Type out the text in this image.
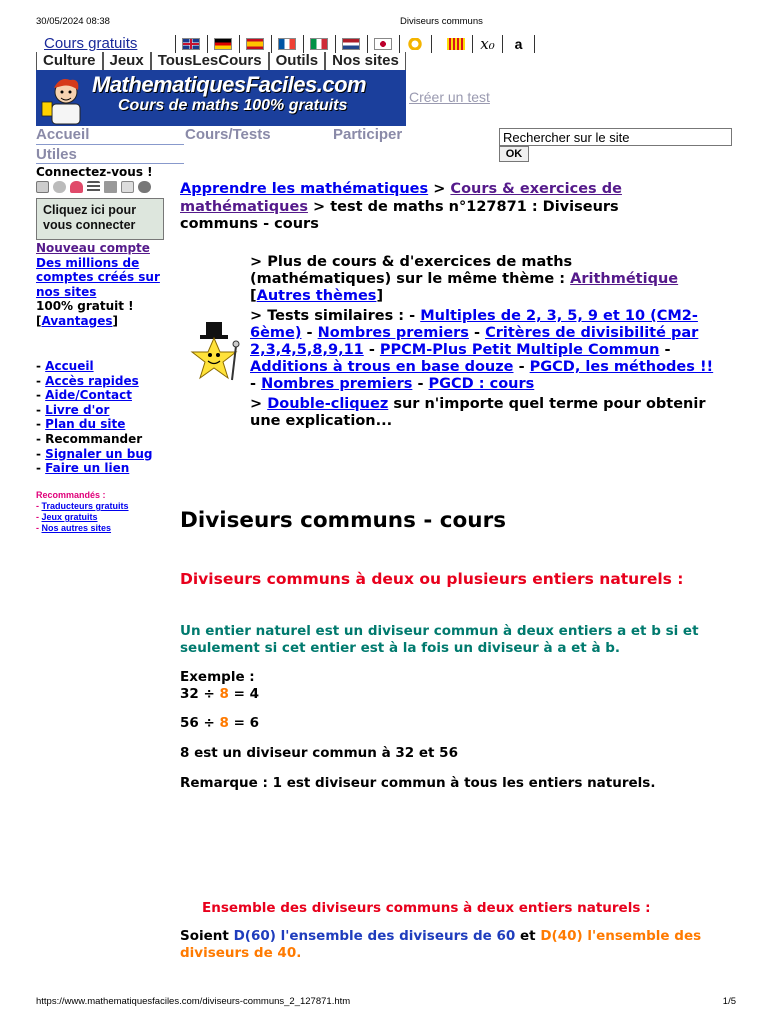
30/05/2024 08:38	Diviseurs communs
Cours gratuits	x₀	a
Culture Jeux TousLesCours Outils Nos sites
MathematiquesFaciles.com
Cours de maths 100% gratuits	Créer un test
Accueil	Cours/Tests	Participer
Utiles
Rechercher sur le site	OK
Connectez-vous !
Cliquez ici pour
vous connecter
Nouveau compte
Des millions de comptes créés sur nos sites
100% gratuit !
[Avantages]
- Accueil
- Accès rapides
- Aide/Contact
- Livre d'or
- Plan du site
- Recommander
- Signaler un bug
- Faire un lien
Recommandés :
- Traducteurs gratuits
- Jeux gratuits
- Nos autres sites
Apprendre les mathématiques > Cours & exercices de mathématiques > test de maths n°127871 : Diviseurs communs - cours

> Plus de cours & d'exercices de maths (mathématiques) sur le même thème : Arithmétique
[Autres thèmes]

> Tests similaires : - Multiples de 2, 3, 5, 9 et 10 (CM2-6ème) - Nombres premiers - Critères de divisibilité par 2,3,4,5,8,9,11 - PPCM-Plus Petit Multiple Commun - Additions à trous en base douze - PGCD, les méthodes !! - Nombres premiers - PGCD : cours

> Double-cliquez sur n'importe quel terme pour obtenir une explication...

Diviseurs communs - cours
Diviseurs communs à deux ou plusieurs entiers naturels :
Un entier naturel est un diviseur commun à deux entiers a et b si et seulement si cet entier est à la fois un diviseur à a et à b.
Exemple :
32 ÷ 8 = 4
56 ÷ 8 = 6
8 est un diviseur commun à 32 et 56
Remarque : 1 est diviseur commun à tous les entiers naturels.
Ensemble des diviseurs communs à deux entiers naturels :
Soient D(60) l'ensemble des diviseurs de 60 et D(40) l'ensemble des diviseurs de 40.
https://www.mathematiquesfaciles.com/diviseurs-communs_2_127871.htm	1/5
